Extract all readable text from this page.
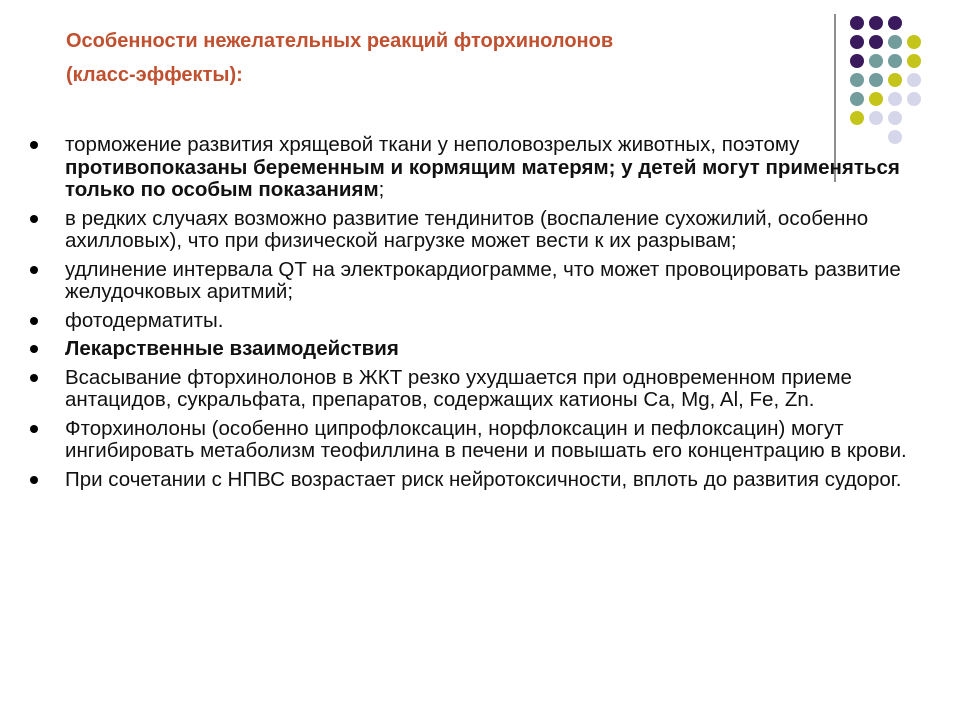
Особенности нежелательных реакций фторхинолонов
(класс-эффекты):
торможение развития хрящевой ткани у неполовозрелых животных, поэтому противопоказаны беременным и кормящим матерям; у детей могут применяться только по особым показаниям;
в редких случаях возможно развитие тендинитов (воспаление сухожилий, особенно ахилловых), что при физической нагрузке может вести к их разрывам;
удлинение интервала QT на электрокардиограмме, что может провоцировать развитие желудочковых аритмий;
фотодерматиты.
Лекарственные взаимодействия
Всасывание фторхинолонов в ЖКТ резко ухудшается при одновременном приеме антацидов, сукральфата, препаратов, содержащих катионы Са, Mg, Al, Fe, Zn.
Фторхинолоны (особенно ципрофлоксацин, норфлоксацин и пефлоксацин) могут ингибировать метаболизм теофиллина в печени и повышать его концентрацию в крови.
При сочетании с НПВС возрастает риск нейротоксичности, вплоть до развития судорог.
